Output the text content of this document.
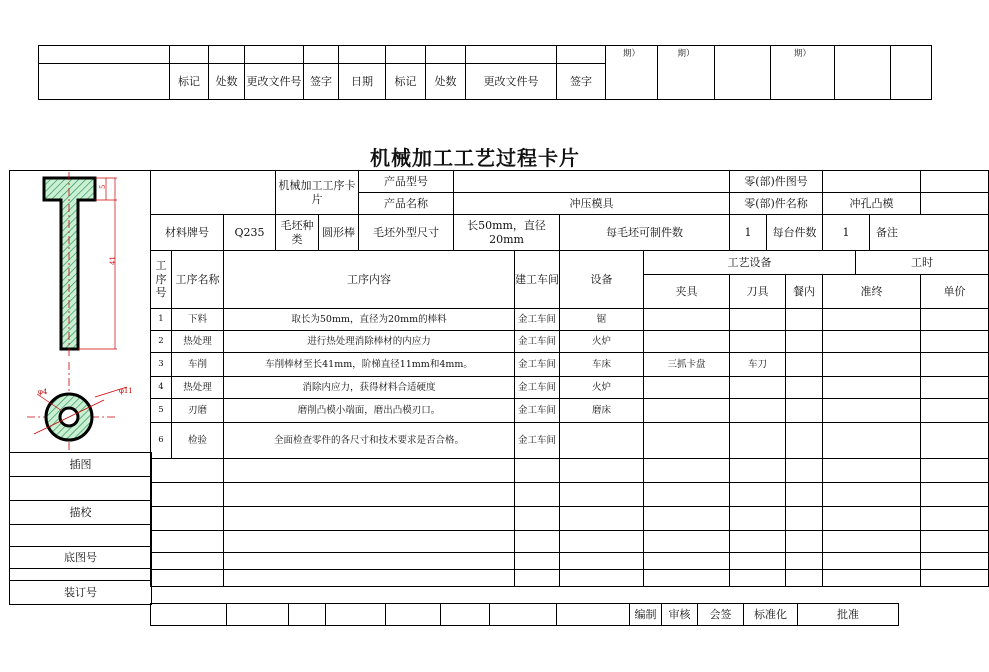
										期）	期）		期）			
	标记	处数	更改文件号	签字	日期	标记	处数	更改文件号	签字	
机械加工工艺过程卡片
5
41
φ4	φ11
			机械加工工序卡片		产品型号					零(部)件图号						
					产品名称	冲压模具				零(部)件名称			冲孔凸模			
材料牌号		Q235	毛坯种类	圆形棒	毛坯外型尺寸	长50mm，直径20mm		每毛坯可制件数		1	每台件数		1		备注	
工序号	工序名称	工序内容					建工车间	设备	工艺设备					工时		
									夹具	刀具		餐内	准终			单价
1	下料	取长为50mm，直径为20mm的棒料					金工车间	锯								
2	热处理	进行热处理消除棒材的内应力					金工车间	火炉								
3	车削	车削棒材至长41mm，阶梯直径11mm和4mm。					金工车间	车床	三抓卡盘	车刀						
4	热处理	消除内应力，获得材料合适硬度					金工车间	火炉								
5	刃磨	磨削凸模小端面，磨出凸模刃口。					金工车间	磨床								
6	检验	全面检查零件的各尺寸和技术要求是否合格。					金工车间									

插图

描校

底图号

装订号
								编制	审核	会签	标准化	批准
